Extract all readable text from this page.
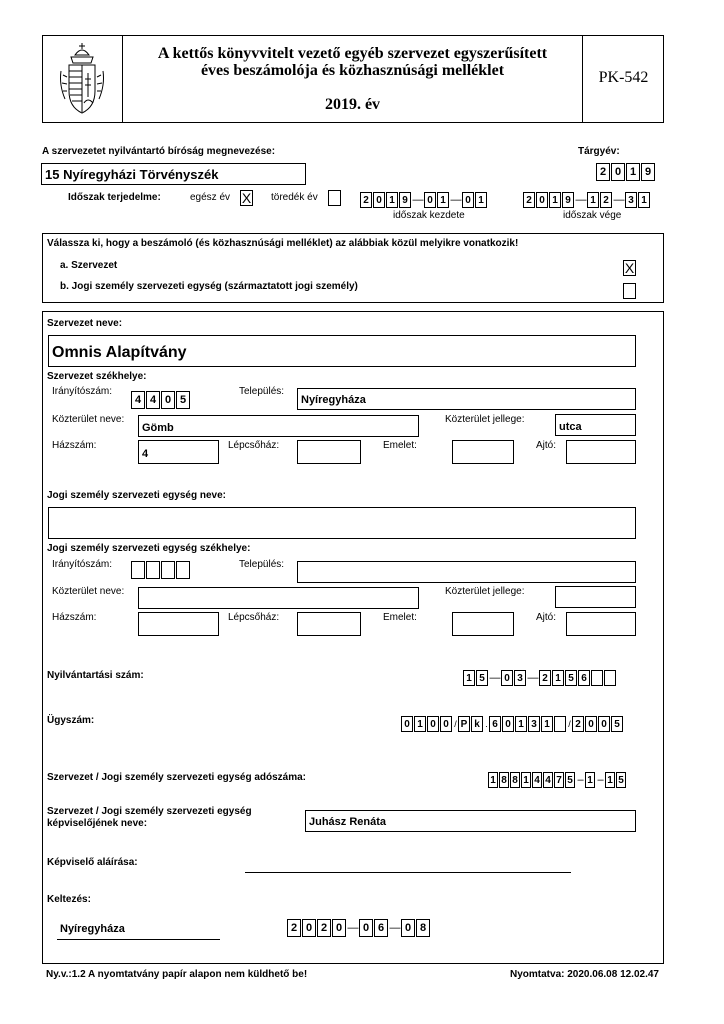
A kettős könyvvitelt vezető egyéb szervezet egyszerűsített
éves beszámolója és közhasznúsági melléklet
2019. év
PK-542
A szervezetet nyilvántartó bíróság megnevezése:	Tárgyév:
15 Nyíregyházi Törvényszék	2 0 1 9
Időszak terjedelme:	egész év X töredék év	2 0 1 9 — 0 1 — 0 1
időszak kezdete
2 0 1 9 — 1 2 — 3 1
időszak vége
Válassza ki, hogy a beszámoló (és közhasznúsági melléklet) az alábbiak közül melyikre vonatkozik!
a. Szervezet	X
b. Jogi személy szervezeti egység (származtatott jogi személy)
Szervezet neve:
Omnis Alapítvány
Szervezet székhelye:
Irányítószám:
4 4 0 5
Település:
Nyíregyháza
Közterület neve:
Gömb
Közterület jellege:
utca
Házszám:
4
Lépcsőház:	Emelet:	Ajtó:
Jogi személy szervezeti egység neve:
Jogi személy szervezeti egység székhelye:
Irányítószám:	Település:
Közterület neve:	Közterület jellege:
Házszám:	Lépcsőház:	Emelet:	Ajtó:
Nyilvántartási szám:	1 5 — 0 3 — 2 1 5 6
Ügyszám:	0 1 0 0 / P k . 6 0 1 3 1	/ 2 0 0 5
Szervezet / Jogi személy szervezeti egység adószáma:	1 8 8 1 4 4 7 5 – 1 – 1 5
Szervezet / Jogi személy szervezeti egység
képviselőjének neve:	Juhász Renáta
Képviselő aláírása:
Keltezés:
Nyíregyháza	2 0 2 0 — 0 6 — 0 8
Ny.v.:1.2 A nyomtatvány papír alapon nem küldhető be!	Nyomtatva: 2020.06.08 12.02.47
